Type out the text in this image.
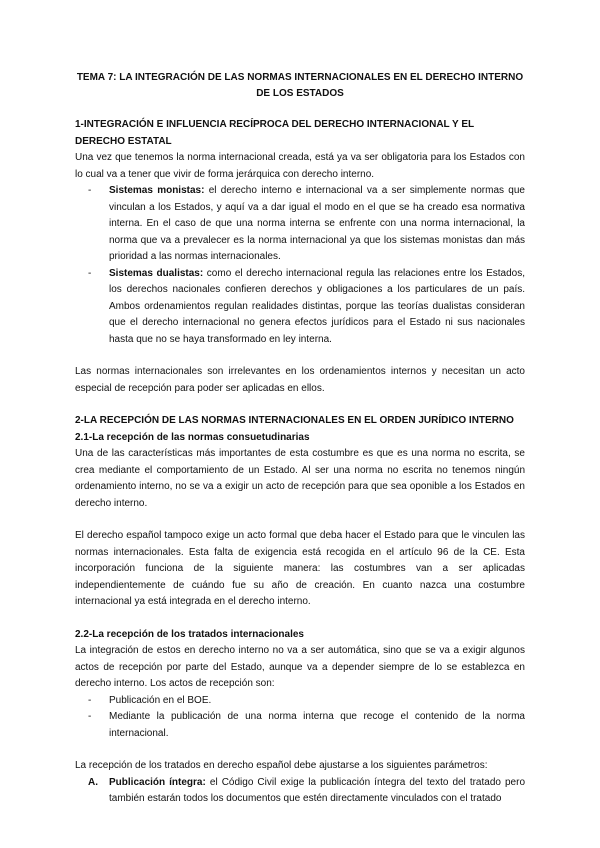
TEMA 7: LA INTEGRACIÓN DE LAS NORMAS INTERNACIONALES EN EL DERECHO INTERNO DE LOS ESTADOS
1-INTEGRACIÓN E INFLUENCIA RECÍPROCA DEL DERECHO INTERNACIONAL Y EL DERECHO ESTATAL

Una vez que tenemos la norma internacional creada, está ya va ser obligatoria para los Estados con lo cual va a tener que vivir de forma jerárquica con derecho interno.

- Sistemas monistas: el derecho interno e internacional va a ser simplemente normas que vinculan a los Estados, y aquí va a dar igual el modo en el que se ha creado esa normativa interna. En el caso de que una norma interna se enfrente con una norma internacional, la norma que va a prevalecer es la norma internacional ya que los sistemas monistas dan más prioridad a las normas internacionales.
- Sistemas dualistas: como el derecho internacional regula las relaciones entre los Estados, los derechos nacionales confieren derechos y obligaciones a los particulares de un país. Ambos ordenamientos regulan realidades distintas, porque las teorías dualistas consideran que el derecho internacional no genera efectos jurídicos para el Estado ni sus nacionales hasta que no se haya transformado en ley interna.

Las normas internacionales son irrelevantes en los ordenamientos internos y necesitan un acto especial de recepción para poder ser aplicadas en ellos.

2-LA RECEPCIÓN DE LAS NORMAS INTERNACIONALES EN EL ORDEN JURÍDICO INTERNO
2.1-La recepción de las normas consuetudinarias

Una de las características más importantes de esta costumbre es que es una norma no escrita, se crea mediante el comportamiento de un Estado. Al ser una norma no escrita no tenemos ningún ordenamiento interno, no se va a exigir un acto de recepción para que sea oponible a los Estados en derecho interno.

El derecho español tampoco exige un acto formal que deba hacer el Estado para que le vinculen las normas internacionales. Esta falta de exigencia está recogida en el artículo 96 de la CE. Esta incorporación funciona de la siguiente manera: las costumbres van a ser aplicadas independientemente de cuándo fue su año de creación. En cuanto nazca una costumbre internacional ya está integrada en el derecho interno.

2.2-La recepción de los tratados internacionales

La integración de estos en derecho interno no va a ser automática, sino que se va a exigir algunos actos de recepción por parte del Estado, aunque va a depender siempre de lo se establezca en derecho interno. Los actos de recepción son:

- Publicación en el BOE.
- Mediante la publicación de una norma interna que recoge el contenido de la norma internacional.

La recepción de los tratados en derecho español debe ajustarse a los siguientes parámetros:

A. Publicación íntegra: el Código Civil exige la publicación íntegra del texto del tratado pero también estarán todos los documentos que estén directamente vinculados con el tratado
